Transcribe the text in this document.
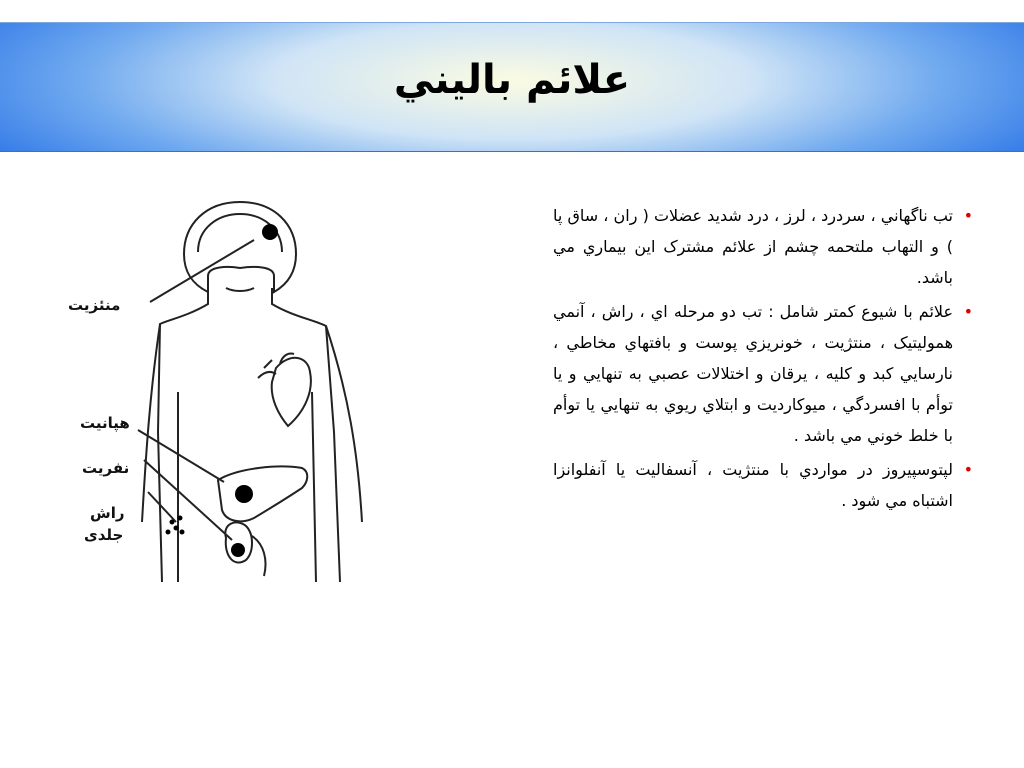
علائم باليني
منئزیت
هپانیت
نفریت
راش
جلدی
•
تب ناگهاني ، سردرد ، لرز ، درد شديد عضلات ( ران ، ساق پا ) و التهاب ملتحمه چشم از علائم مشترک اين بيماري مي باشد.
•
علائم با شيوع کمتر شامل : تب دو مرحله اي ، راش ، آنمي هموليتيک ، منتژيت ، خونريزي پوست و بافتهاي مخاطي ، نارسايي کبد و کليه ، يرقان و اختلالات عصبي به تنهايي و يا توأم با افسردگي ، ميوکارديت و ابتلاي ريوي به تنهايي يا توأم با خلط خوني مي باشد .
•
لپتوسپيروز در مواردي با منتژيت ، آنسفاليت يا آنفلوانزا اشتباه مي شود .
